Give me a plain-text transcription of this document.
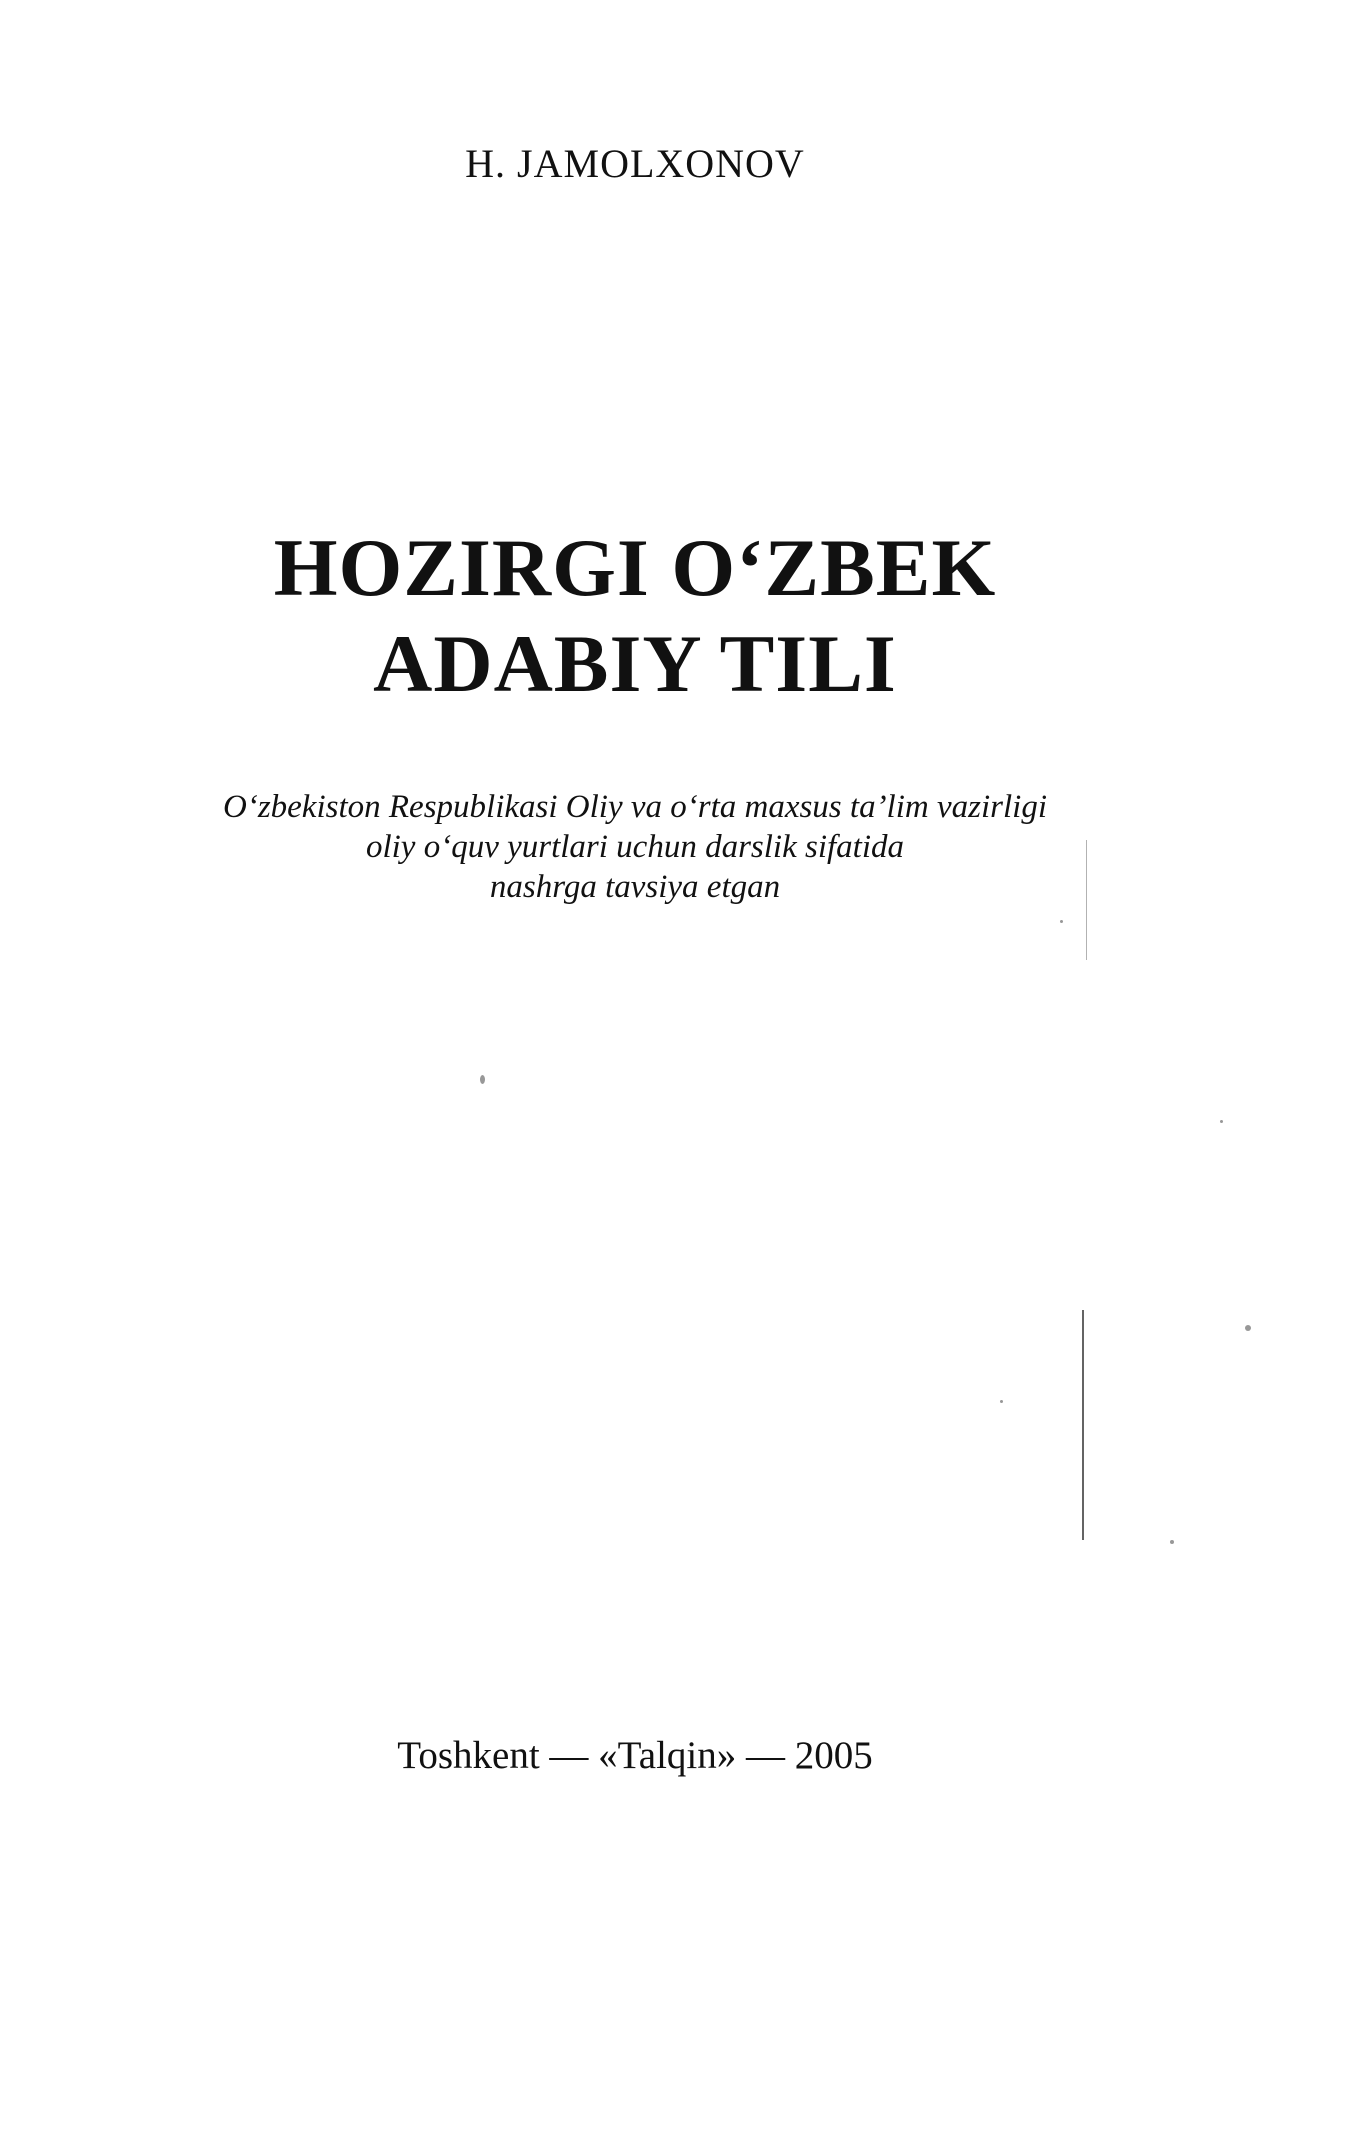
H. JAMOLXONOV
HOZIRGI O‘ZBEK
ADABIY TILI
O‘zbekiston Respublikasi Oliy va o‘rta maxsus ta’lim vazirligi
oliy o‘quv yurtlari uchun darslik sifatida
nashrga tavsiya etgan
Toshkent — «Talqin» — 2005
